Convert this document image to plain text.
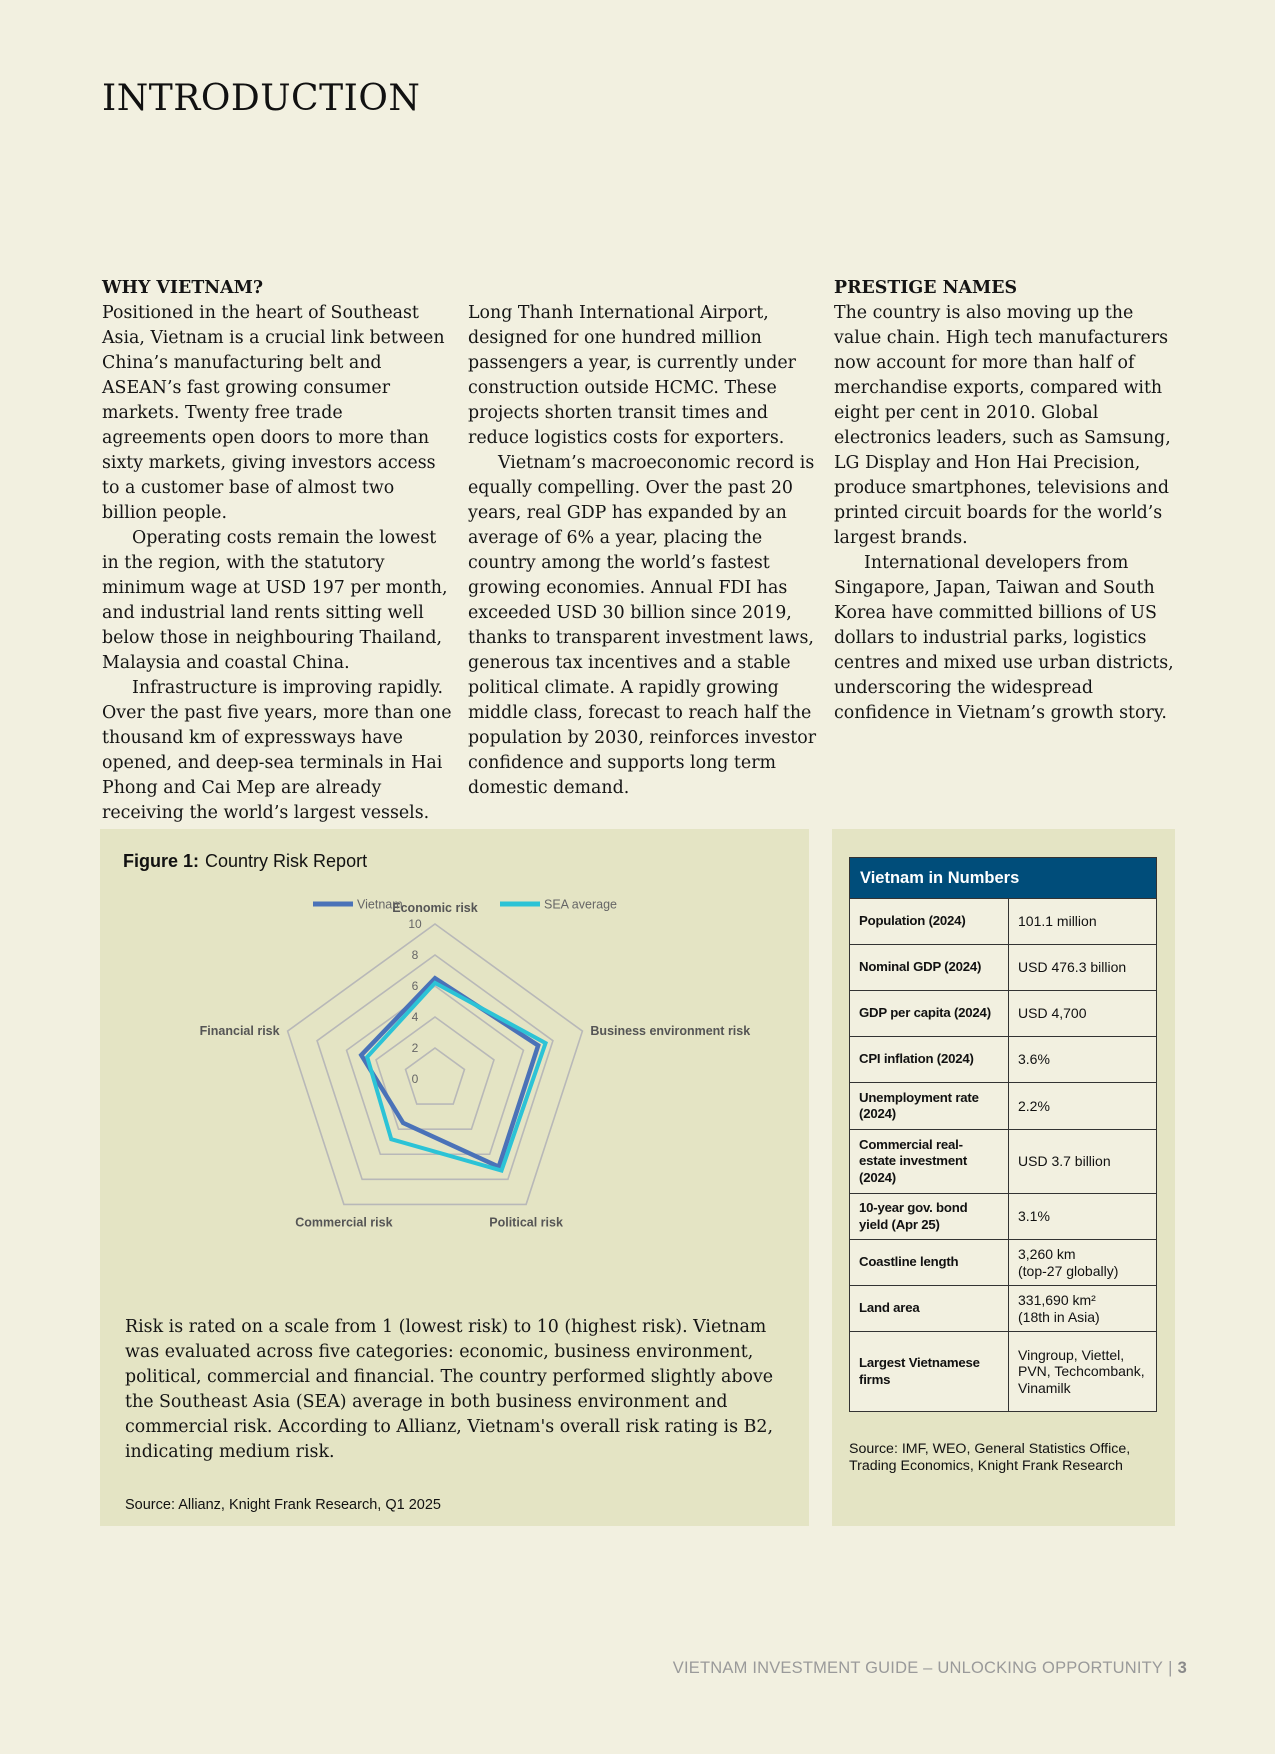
INTRODUCTION
WHY VIETNAM?

Positioned in the heart of Southeast Asia, Vietnam is a crucial link between China’s manufacturing belt and ASEAN’s fast growing consumer markets. Twenty free trade agreements open doors to more than sixty markets, giving investors access to a customer base of almost two billion people.

Operating costs remain the lowest in the region, with the statutory minimum wage at USD 197 per month, and industrial land rents sitting well below those in neighbouring Thailand, Malaysia and coastal China.

Infrastructure is improving rapidly. Over the past five years, more than one thousand km of expressways have opened, and deep-sea terminals in Hai Phong and Cai Mep are already receiving the world’s largest vessels.

Long Thanh International Airport, designed for one hundred million passengers a year, is currently under construction outside HCMC. These projects shorten transit times and reduce logistics costs for exporters.

Vietnam’s macroeconomic record is equally compelling. Over the past 20 years, real GDP has expanded by an average of 6% a year, placing the country among the world’s fastest growing economies. Annual FDI has exceeded USD 30 billion since 2019, thanks to transparent investment laws, generous tax incentives and a stable political climate. A rapidly growing middle class, forecast to reach half the population by 2030, reinforces investor confidence and supports long term domestic demand.

PRESTIGE NAMES

The country is also moving up the value chain. High tech manufacturers now account for more than half of merchandise exports, compared with eight per cent in 2010. Global electronics leaders, such as Samsung, LG Display and Hon Hai Precision, produce smartphones, televisions and printed circuit boards for the world’s largest brands.

International developers from Singapore, Japan, Taiwan and South Korea have committed billions of US dollars to industrial parks, logistics centres and mixed use urban districts, underscoring the widespread confidence in Vietnam’s growth story.

Figure 1: Country Risk Report
0
2
4
6
8
10
Economic risk
Business environment risk
Political risk
Commercial risk
Financial risk
Vietnam	SEA average

Risk is rated on a scale from 1 (lowest risk) to 10 (highest risk). Vietnam was evaluated across five categories: economic, business environment, political, commercial and financial. The country performed slightly above the Southeast Asia (SEA) average in both business environment and commercial risk. According to Allianz, Vietnam's overall risk rating is B2, indicating medium risk.

Source: Allianz, Knight Frank Research, Q1 2025
Vietnam in Numbers	
Population (2024)	101.1 million
Nominal GDP (2024)	USD 476.3 billion
GDP per capita (2024)	USD 4,700
CPI inflation (2024)	3.6%
Unemployment rate (2024)	2.2%
Commercial real-estate investment (2024)	USD 3.7 billion
10-year gov. bond yield (Apr 25)	3.1%
Coastline length	3,260 km
(top-27 globally)
Land area	331,690 km²
(18th in Asia)
Largest Vietnamese firms	Vingroup, Viettel, PVN, Techcombank, Vinamilk
Source: IMF, WEO, General Statistics Office, Trading Economics, Knight Frank Research
VIETNAM INVESTMENT GUIDE – UNLOCKING OPPORTUNITY | 3
